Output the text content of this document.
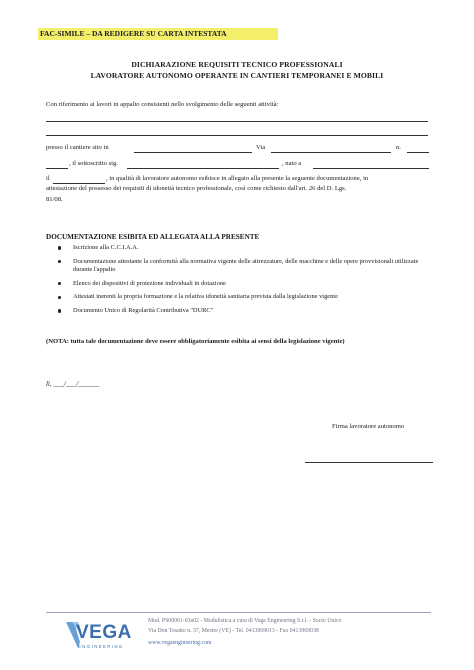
FAC-SIMILE – DA REDIGERE SU CARTA INTESTATA
DICHIARAZIONE REQUISITI TECNICO PROFESSIONALI
LAVORATORE AUTONOMO OPERANTE IN CANTIERI TEMPORANEI E MOBILI
Con riferimento ai lavori in appalto consistenti nello svolgimento delle seguenti attività:
presso il cantiere sito in	Via	n.
, il sottoscritto sig.	, nato a
il	, in qualità di lavoratore autonomo esibisce in allegato alla presente la seguente documentazione, in
attestazione del possesso dei requisiti di idoneità tecnico professionale, così come richiesto dall'art. 26 del D. Lgs.
81/08.
DOCUMENTAZIONE ESIBITA ED ALLEGATA ALLA PRESENTE
Iscrizione alla C.C.I.A.A.
Documentazione attestante la conformità alla normativa vigente delle attrezzature, delle macchine e delle opere provvisionali utilizzate durante l'appalto
Elenco dei dispositivi di protezione individuali in dotazione
Attestati inerenti la propria formazione e la relativa idoneità sanitaria prevista dalla legislazione vigente
Documento Unico di Regolarità Contributiva "DURC"
(NOTA: tutta tale documentazione deve essere obbligatoriamente esibita ai sensi della legislazione vigente)
lì, ___/___/______
Firma lavoratore autonomo
VEGA
ENGINEERING
Mod. PS00001-03a02 - Modulistica a cura di Vega Engineering S.r.l. - Socio Unico
Via Don Tosatto n. 37, Mestre (VE) - Tel. 0413969013 - Fax 0413969038
www.vegaengineering.com
